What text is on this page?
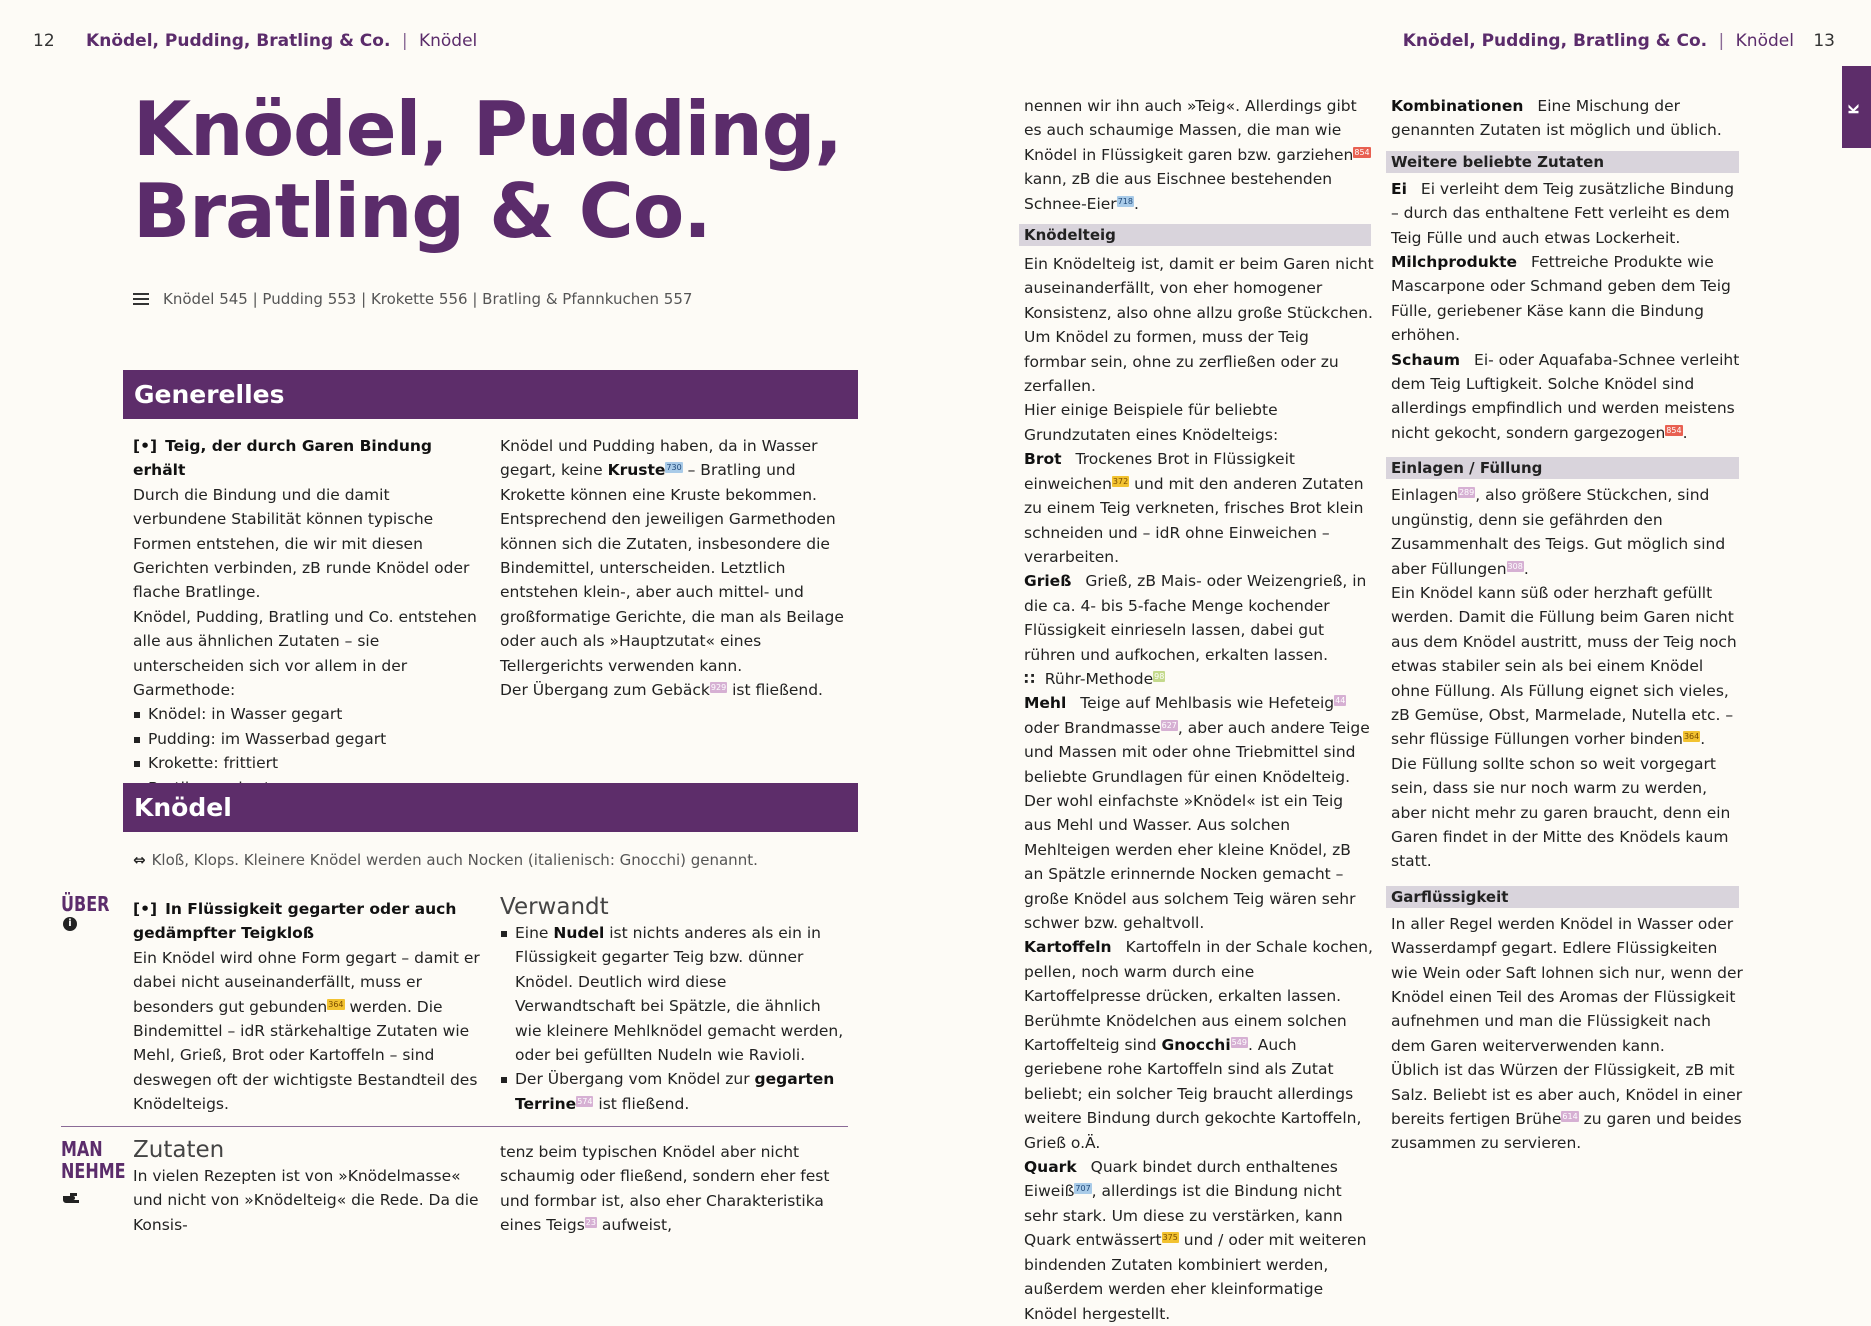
12 Knödel, Pudding, Bratling & Co. | Knödel	Knödel, Pudding, Bratling & Co. | Knödel 13
K
Knödel, Pudding,
Bratling & Co.
Knödel 545 | Pudding 553 | Krokette 556 | Bratling & Pfannkuchen 557
Generelles

[•] Teig, der durch Garen Bindung erhält

Durch die Bindung und die damit verbundene Stabilität können typische Formen entstehen, die wir mit diesen Gerichten verbinden, zB runde Knödel oder flache Bratlinge.

Knödel, Pudding, Bratling und Co. entstehen alle aus ähnlichen Zutaten – sie unterscheiden sich vor allem in der Garmethode:

Knödel: in Wasser gegart
Pudding: im Wasserbad gegart
Krokette: frittiert

Knödel und Pudding haben, da in Wasser gegart, keine Kruste730 – Bratling und Krokette können eine Kruste bekommen.

Entsprechend den jeweiligen Garmethoden können sich die Zutaten, insbesondere die Bindemittel, unterscheiden. Letztlich entstehen klein-, aber auch mittel- und großformatige Gerichte, die man als Beilage oder auch als »Hauptzutat« eines Tellergerichts verwenden kann.

Der Übergang zum Gebäck929 ist fließend.

Knödel
⇔ Kloß, Klops. Kleinere Knödel werden auch Nocken (italienisch: Gnocchi) genannt.
ÜBER
i

[•] In Flüssigkeit gegarter oder auch gedämpfter Teigkloß

Ein Knödel wird ohne Form gegart – damit er dabei nicht auseinanderfällt, muss er besonders gut gebunden364 werden. Die Bindemittel – idR stärkehaltige Zutaten wie Mehl, Grieß, Brot oder Kartoffeln – sind deswegen oft der wichtigste Bestandteil des Knödelteigs.

Verwandt

Eine Nudel ist nichts anderes als ein in Flüssigkeit gegarter Teig bzw. dünner Knödel. Deutlich wird diese Verwandtschaft bei Spätzle, die ähnlich wie kleinere Mehlknödel gemacht werden, oder bei gefüllten Nudeln wie Ravioli.
Der Übergang vom Knödel zur gegarten Terrine574 ist fließend.
MAN
NEHME

Zutaten

In vielen Rezepten ist von »Knödelmasse« und nicht von »Knödelteig« die Rede. Da die Konsis-

tenz beim typischen Knödel aber nicht schaumig oder fließend, sondern eher fest und formbar ist, also eher Charakteristika eines Teigs23 aufweist,

nennen wir ihn auch »Teig«. Allerdings gibt es auch schaumige Massen, die man wie Knödel in Flüssigkeit garen bzw. garziehen854 kann, zB die aus Eischnee bestehenden Schnee-Eier718.

Knödelteig

Ein Knödelteig ist, damit er beim Garen nicht auseinanderfällt, von eher homogener Konsistenz, also ohne allzu große Stückchen. Um Knödel zu formen, muss der Teig formbar sein, ohne zu zerfließen oder zu zerfallen.

Hier einige Beispiele für beliebte Grundzutaten eines Knödelteigs:

Brot Trockenes Brot in Flüssigkeit einweichen372 und mit den anderen Zutaten zu einem Teig verkneten, frisches Brot klein schneiden und – idR ohne Einweichen – verarbeiten.

Grieß Grieß, zB Mais- oder Weizengrieß, in die ca. 4- bis 5-fache Menge kochender Flüssigkeit einrieseln lassen, dabei gut rühren und aufkochen, erkalten lassen.

∷ Rühr-Methode98

Mehl Teige auf Mehlbasis wie Hefeteig44 oder Brandmasse627, aber auch andere Teige und Massen mit oder ohne Triebmittel sind beliebte Grundlagen für einen Knödelteig. Der wohl einfachste »Knödel« ist ein Teig aus Mehl und Wasser. Aus solchen Mehlteigen werden eher kleine Knödel, zB an Spätzle erinnernde Nocken gemacht – große Knödel aus solchem Teig wären sehr schwer bzw. gehaltvoll.

Kartoffeln Kartoffeln in der Schale kochen, pellen, noch warm durch eine Kartoffelpresse drücken, erkalten lassen. Berühmte Knödelchen aus einem solchen Kartoffelteig sind Gnocchi549. Auch geriebene rohe Kartoffeln sind als Zutat beliebt; ein solcher Teig braucht allerdings weitere Bindung durch gekochte Kartoffeln, Grieß o.Ä.

Quark Quark bindet durch enthaltenes Eiweiß707, allerdings ist die Bindung nicht sehr stark. Um diese zu verstärken, kann Quark entwässert375 und / oder mit weiteren bindenden Zutaten kombiniert werden, außerdem werden eher kleinformatige Knödel hergestellt.

Kombinationen Eine Mischung der genannten Zutaten ist möglich und üblich.

Weitere beliebte Zutaten

Ei Ei verleiht dem Teig zusätzliche Bindung – durch das enthaltene Fett verleiht es dem Teig Fülle und auch etwas Lockerheit.

Milchprodukte Fettreiche Produkte wie Mascarpone oder Schmand geben dem Teig Fülle, geriebener Käse kann die Bindung erhöhen.

Schaum Ei- oder Aquafaba-Schnee verleiht dem Teig Luftigkeit. Solche Knödel sind allerdings empfindlich und werden meistens nicht gekocht, sondern gargezogen854.

Einlagen / Füllung

Einlagen289, also größere Stückchen, sind ungünstig, denn sie gefährden den Zusammenhalt des Teigs. Gut möglich sind aber Füllungen308.

Ein Knödel kann süß oder herzhaft gefüllt werden. Damit die Füllung beim Garen nicht aus dem Knödel austritt, muss der Teig noch etwas stabiler sein als bei einem Knödel ohne Füllung. Als Füllung eignet sich vieles, zB Gemüse, Obst, Marmelade, Nutella etc. – sehr flüssige Füllungen vorher binden364.

Die Füllung sollte schon so weit vorgegart sein, dass sie nur noch warm zu werden, aber nicht mehr zu garen braucht, denn ein Garen findet in der Mitte des Knödels kaum statt.

Garflüssigkeit

In aller Regel werden Knödel in Wasser oder Wasserdampf gegart. Edlere Flüssigkeiten wie Wein oder Saft lohnen sich nur, wenn der Knödel einen Teil des Aromas der Flüssigkeit aufnehmen und man die Flüssigkeit nach dem Garen weiterverwenden kann.

Üblich ist das Würzen der Flüssigkeit, zB mit Salz. Beliebt ist es aber auch, Knödel in einer bereits fertigen Brühe614 zu garen und beides zusammen zu servieren.
